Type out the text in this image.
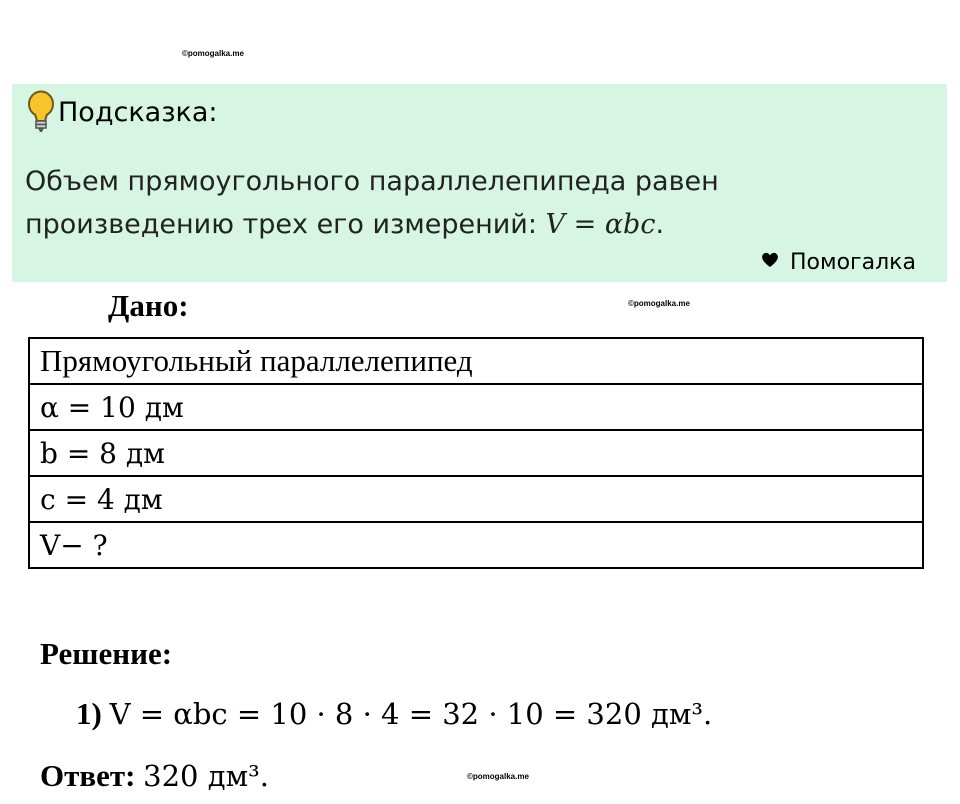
©pomogalka.me
Подсказка:
Объем прямоугольного параллелепипеда равен
произведению трех его измерений: V = αbc.
Помогалка
Дано:	©pomogalka.me
Прямоугольный параллелепипед
α = 10 дм
b = 8 дм
с = 4 дм
V− ?
Решение:
1) V = αbс = 10 · 8 · 4 = 32 · 10 = 320 дм³.
Ответ: 320 дм³.	©pomogalka.me
